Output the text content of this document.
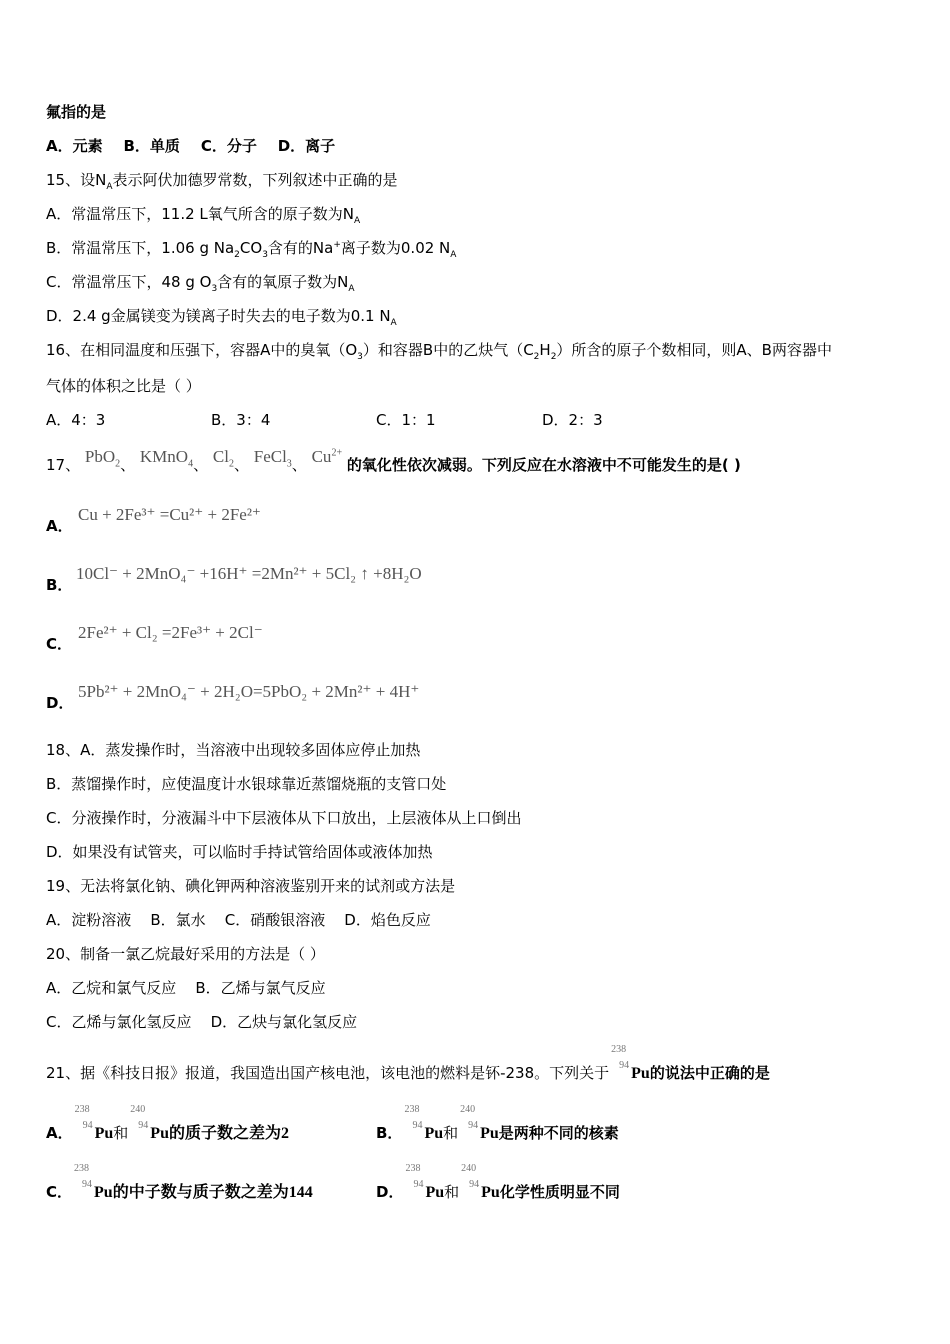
氟指的是
A．元素 B．单质 C．分子 D．离子
15、设$N_A$表示阿伏加德罗常数，下列叙述中正确的是
A．常温常压下，11.2 L氧气所含的原子数为$N_A$
B．常温常压下，1.06 g $Na_2CO_3$含有的Na+离子数为0.02 $N_A$
C．常温常压下，48 g $O_3$含有的氧原子数为$N_A$
D．2.4 g金属镁变为镁离子时失去的电子数为0.1 $N_A$
16、在相同温度和压强下，容器A中的臭氧$(O_3)$和容器B中的乙炔气$(C_2H_2)$所含的原子个数相同，则A、B两容器中
气体的体积之比是（ ）
A．4：3	B．3：4	C．1：1	D．2：3
17、 PbO$_2$、 KMnO$_4$、 $Cl_2$、 FeCl$_3$、 $Cu^{2+}$ 的氧化性依次减弱。下列反应在水溶液中不可能发生的是( )
A．
Cu + 2Fe³⁺ =Cu²⁺ + 2Fe²⁺
B．
10Cl⁻ + 2MnO₄⁻ +16H⁺ =2Mn²⁺ + 5Cl₂ ↑ +8H₂O
C．
2Fe²⁺ + Cl₂ =2Fe³⁺ + 2Cl⁻
D．
5Pb²⁺ + 2MnO₄⁻ + 2H₂O=5PbO₂ + 2Mn²⁺ + 4H⁺
18、A．蒸发操作时，当溶液中出现较多固体应停止加热
B．蒸馏操作时，应使温度计水银球靠近蒸馏烧瓶的支管口处
C．分液操作时，分液漏斗中下层液体从下口放出，上层液体从上口倒出
D．如果没有试管夹，可以临时手持试管给固体或液体加热
19、无法将氯化钠、碘化钾两种溶液鉴别开来的试剂或方法是
A．淀粉溶液 B．氯水 C．硝酸银溶液 D．焰色反应
20、制备一氯乙烷最好采用的方法是（ ）
A．乙烷和氯气反应 B．乙烯与氯气反应
C．乙烯与氯化氢反应 D．乙炔与氯化氢反应
21、据《科技日报》报道，我国造出国产核电池，该电池的燃料是钚-238。下列关于
238
94 Pu的说法中正确的是
A．
238
94 Pu和
240
94 Pu的质子数之差为2	B．
238
94 Pu和
240
94 Pu是两种不同的核素
C．
238
94 Pu的中子数与质子数之差为144	D．
238
94 Pu和
240
94 Pu化学性质明显不同
